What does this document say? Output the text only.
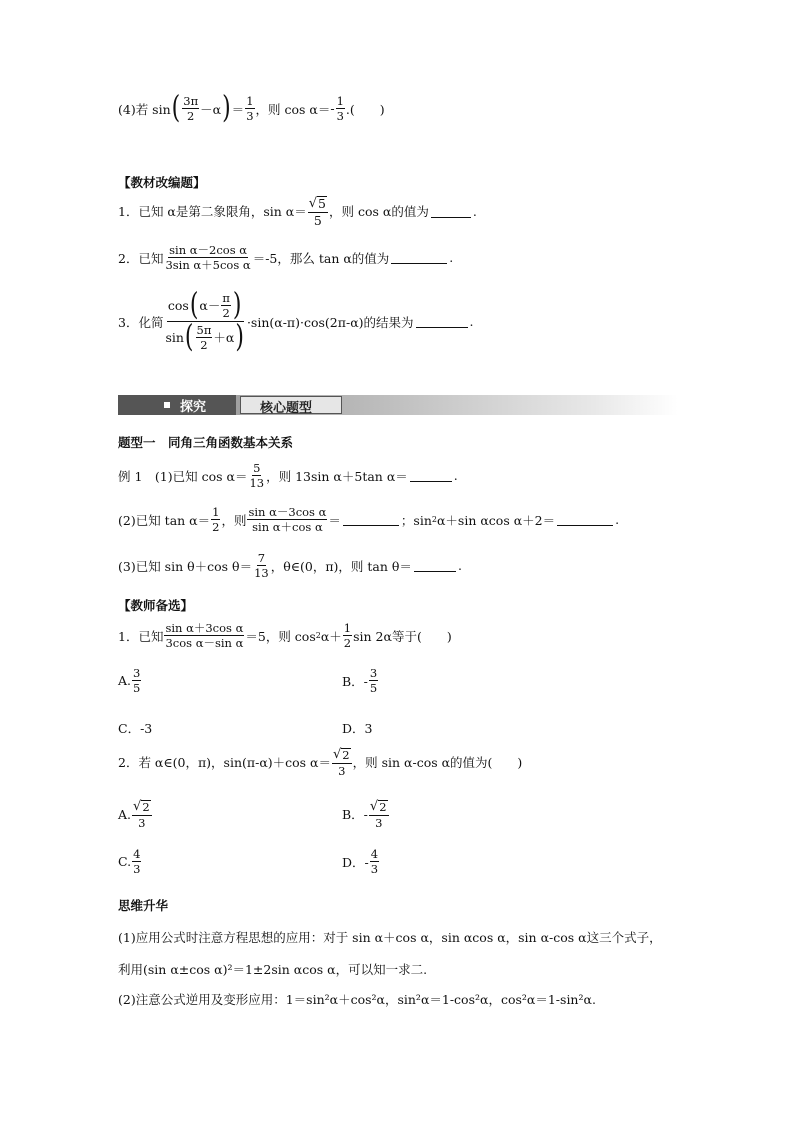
(4)若 sin ( $\frac{3\pi}{2} -\alpha$ ) ＝ $\frac{1}{3}$ ，则 $\cos \alpha= - \frac{1}{3}$ .(　　)
【教材改编题】
1．已知 α是第二象限角，$\sin \alpha= \frac{√ 5}{5}$ ，则 cos α的值为	.
2．已知 $\frac{\text{sin α－2cos α}}{\text{3sin α＋5cos α}} =-5$，那么 tan α的值为	.
3．化简 $\frac{\cos ( \alpha- \frac{\pi}{2} )}{\sin ( \frac{5\pi}{2} +\alpha )} \cdot\sin(\alpha-\pi)\cdot\cos(2\pi-\alpha)$的结果为	.
探究	核心题型
题型一　同角三角函数基本关系
例 1　(1)已知 $\cos \alpha= \frac{5}{13}$ ，则 13sin α＋5tan α＝	.
(2)已知 $\tan \alpha= \frac{1}{2}$ ，则 $\frac{\text{sin α－3cos α}}{\text{sin α＋cos α}}$ ＝	；sin 2 α＋sin αcos α＋2＝	.
(3)已知 sin θ＋cos $\theta= \frac{7}{13}$ ，θ∈(0，π)，则 tan θ＝	.
【教师备选】
1．已知 $\frac{\text{sin α＋3cos α}}{\text{3cos α－sin α}} =5$，则 cos 2 $\alpha+ \frac{1}{2}$ sin 2α等于(　　)
A. $\frac{3}{5}$	B．- $\frac{3}{5}$
C．-3	D．3
2．若 α∈(0，π)，sin(π-α)＋cos $\alpha= \frac{√ 2}{3}$ ，则 sin α-cos α的值为(　　)
A. $\frac{√ 2}{3}$	B．- $\frac{√ 2}{3}$
C. $\frac{4}{3}$	D．- $\frac{4}{3}$
思维升华
(1)应用公式时注意方程思想的应用：对于 sin α＋cos α，sin αcos α，sin α-cos α这三个式子，
利用(sin α±cos α)²＝1±2sin αcos α，可以知一求二.
(2)注意公式逆用及变形应用：1＝sin²α＋cos²α，sin²α＝1-cos²α，cos²α＝1-sin²α.
